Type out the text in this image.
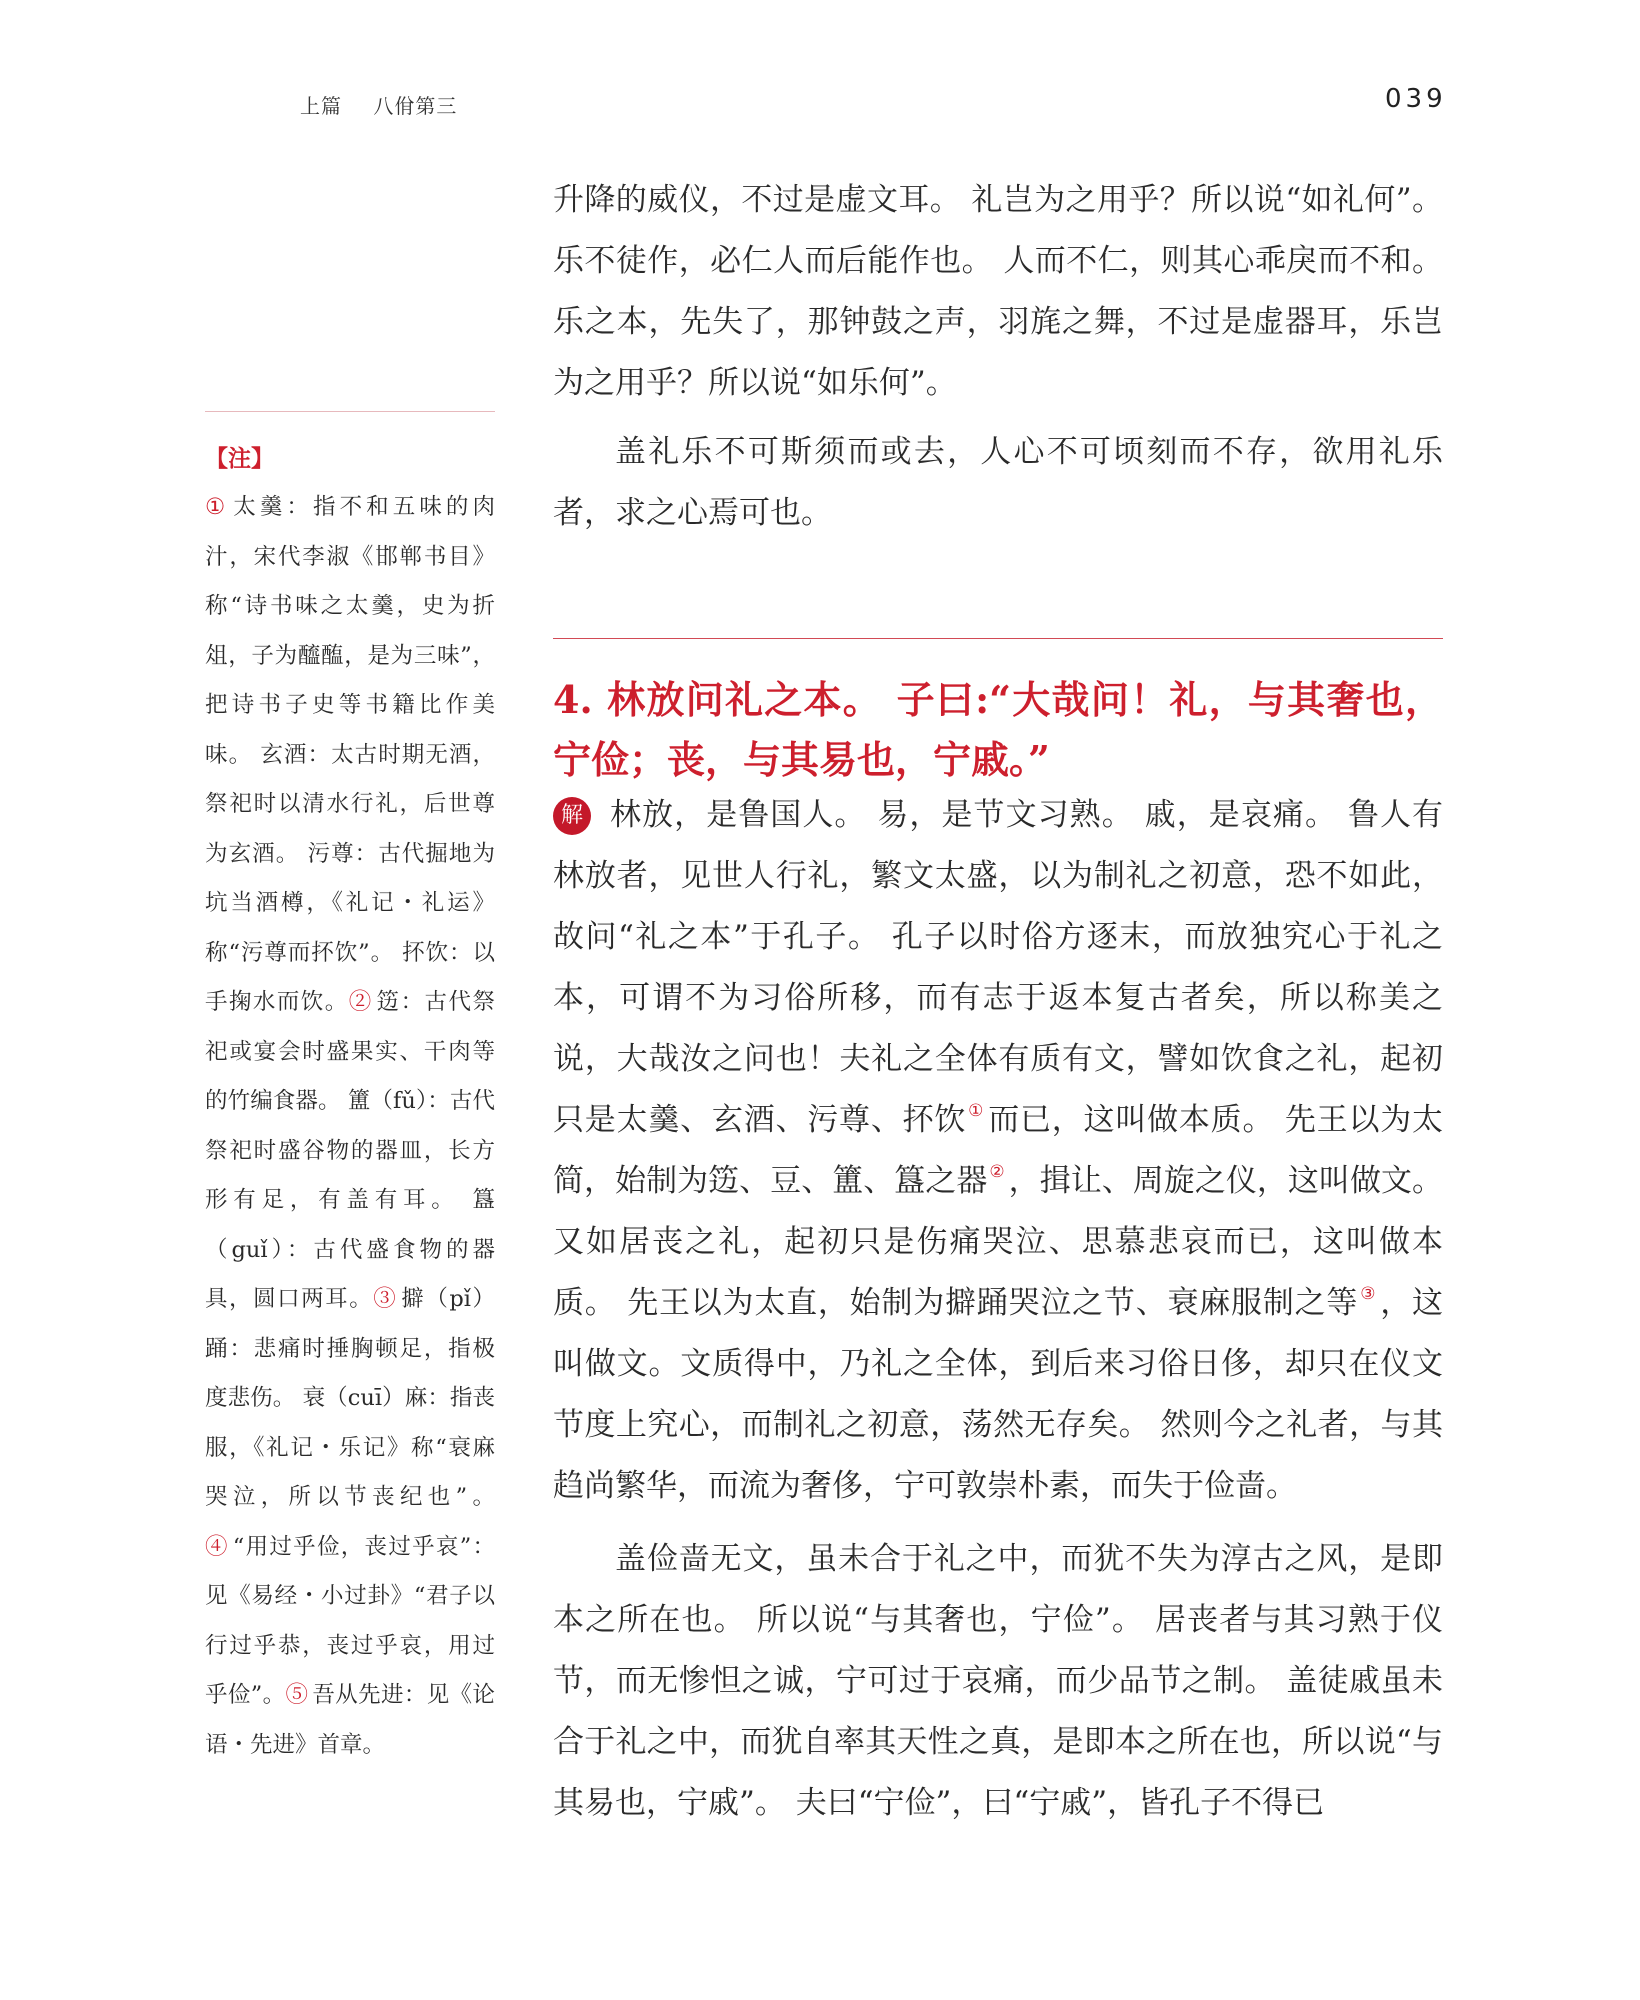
上篇 八佾第三	039

升降的威仪，不过是虚文耳。 礼岂为之用乎？所以说“如礼何”。乐不徒作，必仁人而后能作也。 人而不仁，则其心乖戾而不和。乐之本，先失了，那钟鼓之声，羽旄之舞，不过是虚器耳，乐岂为之用乎？所以说“如乐何”。

盖礼乐不可斯须而或去，人心不可顷刻而不存，欲用礼乐者，求之心焉可也。

4. 林放问礼之本。 子曰:“大哉问！礼，与其奢也，宁俭；丧，与其易也，宁戚。”

解 林放，是鲁国人。 易，是节文习熟。 戚，是哀痛。 鲁人有林放者，见世人行礼，繁文太盛，以为制礼之初意，恐不如此，故问“礼之本”于孔子。 孔子以时俗方逐末，而放独究心于礼之本，可谓不为习俗所移，而有志于返本复古者矣，所以称美之说，大哉汝之问也！夫礼之全体有质有文，譬如饮食之礼，起初只是太羹、玄酒、污尊、抔饮 ① 而已，这叫做本质。 先王以为太简，始制为笾、豆、簠、簋之器 ② ，揖让、周旋之仪，这叫做文。 又如居丧之礼，起初只是伤痛哭泣、思慕悲哀而已，这叫做本质。 先王以为太直，始制为擗踊哭泣之节、衰麻服制之等 ③ ，这叫做文。文质得中，乃礼之全体，到后来习俗日侈，却只在仪文节度上究心，而制礼之初意，荡然无存矣。 然则今之礼者，与其趋尚繁华，而流为奢侈，宁可敦崇朴素，而失于俭啬。

盖俭啬无文，虽未合于礼之中，而犹不失为淳古之风，是即本之所在也。 所以说“与其奢也，宁俭”。 居丧者与其习熟于仪节，而无惨怛之诚，宁可过于哀痛，而少品节之制。 盖徒戚虽未合于礼之中，而犹自率其天性之真，是即本之所在也，所以说“与其易也，宁戚”。 夫曰“宁俭”，曰“宁戚”，皆孔子不得已

【注】

① 太羹：指不和五味的肉汁，宋代李淑《邯郸书目》称“诗书味之太羹，史为折俎，子为醯醢，是为三味”，把诗书子史等书籍比作美味。 玄酒：太古时期无酒，祭祀时以清水行礼，后世尊为玄酒。 污尊：古代掘地为坑当酒樽，《礼记・礼运》称“污尊而抔饮”。 抔饮：以手掬水而饮。② 笾：古代祭祀或宴会时盛果实、干肉等的竹编食器。 簠（fǔ）：古代祭祀时盛谷物的器皿，长方形有足，有盖有耳。 簋（guǐ）：古代盛食物的器具，圆口两耳。③ 擗（pǐ）踊：悲痛时捶胸顿足，指极度悲伤。 衰（cuī）麻：指丧服，《礼记・乐记》称“衰麻哭泣，所以节丧纪也”。④ “用过乎俭，丧过乎哀”：见《易经・小过卦》“君子以行过乎恭，丧过乎哀，用过乎俭”。⑤ 吾从先进：见《论语・先进》首章。
